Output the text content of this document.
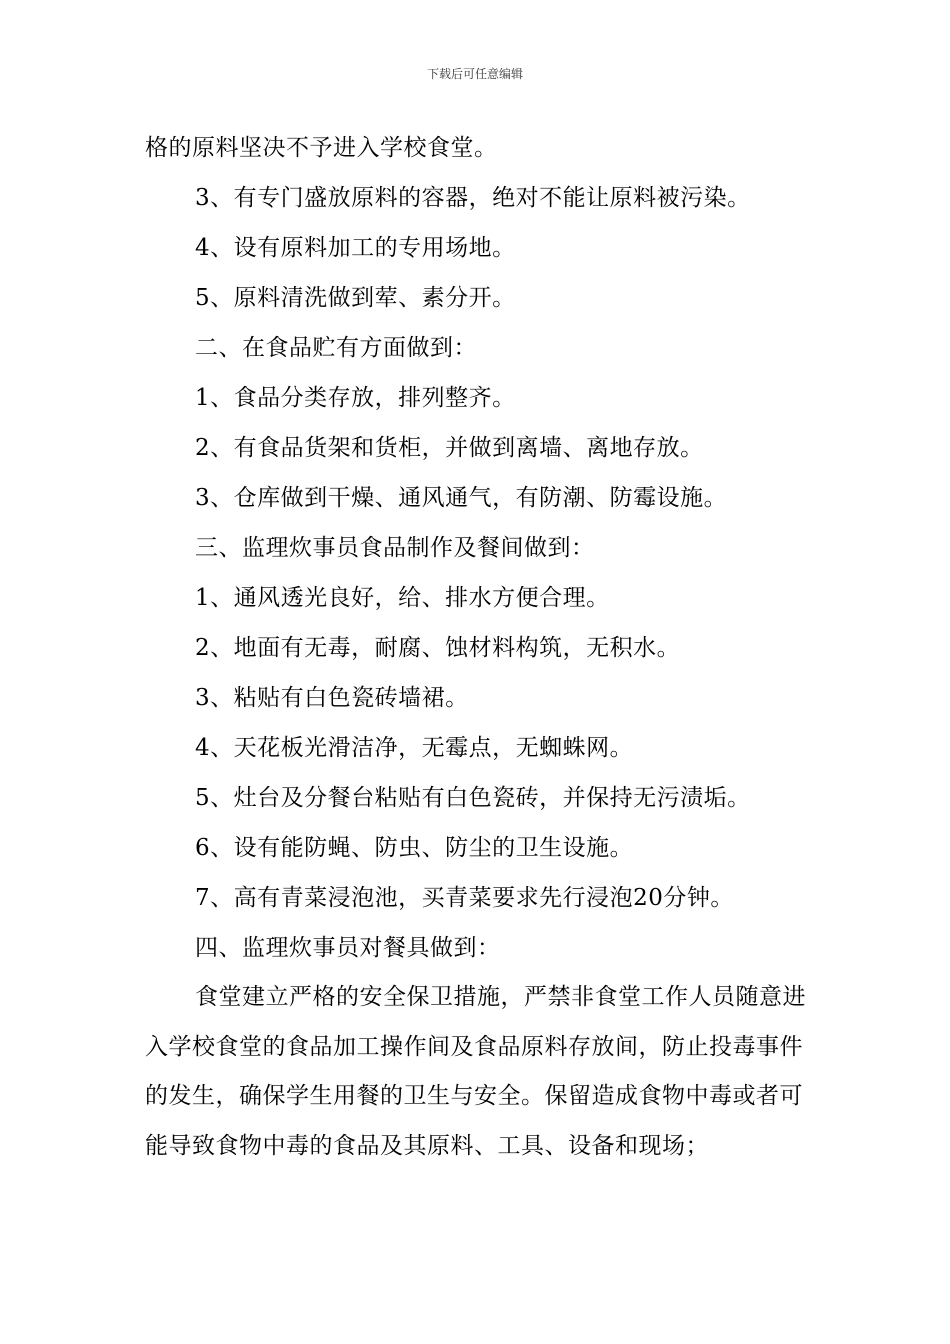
下载后可任意编辑
格的原料坚决不予进入学校食堂。
3、有专门盛放原料的容器，绝对不能让原料被污染。
4、设有原料加工的专用场地。
5、原料清洗做到荤、素分开。
二、在食品贮有方面做到：
1、食品分类存放，排列整齐。
2、有食品货架和货柜，并做到离墙、离地存放。
3、仓库做到干燥、通风通气，有防潮、防霉设施。
三、监理炊事员食品制作及餐间做到：
1、通风透光良好，给、排水方便合理。
2、地面有无毒，耐腐、蚀材料构筑，无积水。
3、粘贴有白色瓷砖墙裙。
4、天花板光滑洁净，无霉点，无蜘蛛网。
5、灶台及分餐台粘贴有白色瓷砖，并保持无污渍垢。
6、设有能防蝇、防虫、防尘的卫生设施。
7、高有青菜浸泡池，买青菜要求先行浸泡20分钟。
四、监理炊事员对餐具做到：
食堂建立严格的安全保卫措施，严禁非食堂工作人员随意进入学校食堂的食品加工操作间及食品原料存放间，防止投毒事件的发生，确保学生用餐的卫生与安全。保留造成食物中毒或者可能导致食物中毒的食品及其原料、工具、设备和现场；
